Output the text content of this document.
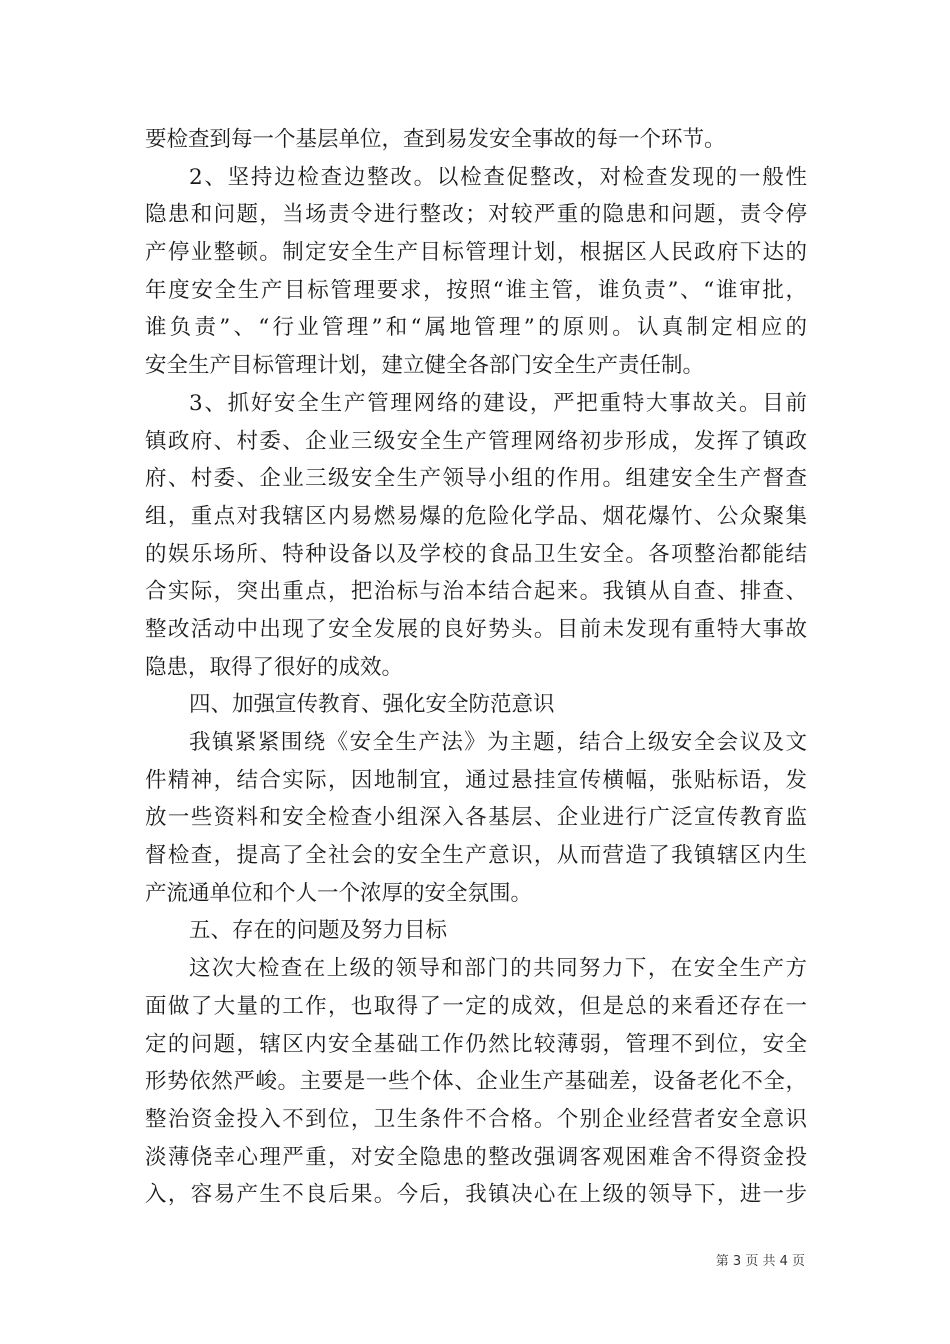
要检查到每一个基层单位，查到易发安全事故的每一个环节。
2、坚持边检查边整改。以检查促整改，对检查发现的一般性
隐患和问题，当场责令进行整改；对较严重的隐患和问题，责令停
产停业整顿。制定安全生产目标管理计划，根据区人民政府下达的
年度安全生产目标管理要求，按照“谁主管，谁负责”、“谁审批，
谁负责”、“行业管理”和“属地管理”的原则。认真制定相应的
安全生产目标管理计划，建立健全各部门安全生产责任制。
3、抓好安全生产管理网络的建设，严把重特大事故关。目前
镇政府、村委、企业三级安全生产管理网络初步形成，发挥了镇政
府、村委、企业三级安全生产领导小组的作用。组建安全生产督查
组，重点对我辖区内易燃易爆的危险化学品、烟花爆竹、公众聚集
的娱乐场所、特种设备以及学校的食品卫生安全。各项整治都能结
合实际，突出重点，把治标与治本结合起来。我镇从自查、排查、
整改活动中出现了安全发展的良好势头。目前未发现有重特大事故
隐患，取得了很好的成效。
四、加强宣传教育、强化安全防范意识
我镇紧紧围绕《安全生产法》为主题，结合上级安全会议及文
件精神，结合实际，因地制宜，通过悬挂宣传横幅，张贴标语，发
放一些资料和安全检查小组深入各基层、企业进行广泛宣传教育监
督检查，提高了全社会的安全生产意识，从而营造了我镇辖区内生
产流通单位和个人一个浓厚的安全氛围。
五、存在的问题及努力目标
这次大检查在上级的领导和部门的共同努力下，在安全生产方
面做了大量的工作，也取得了一定的成效，但是总的来看还存在一
定的问题，辖区内安全基础工作仍然比较薄弱，管理不到位，安全
形势依然严峻。主要是一些个体、企业生产基础差，设备老化不全，
整治资金投入不到位，卫生条件不合格。个别企业经营者安全意识
淡薄侥幸心理严重，对安全隐患的整改强调客观困难舍不得资金投
入，容易产生不良后果。今后，我镇决心在上级的领导下，进一步
第 3 页 共 4 页
